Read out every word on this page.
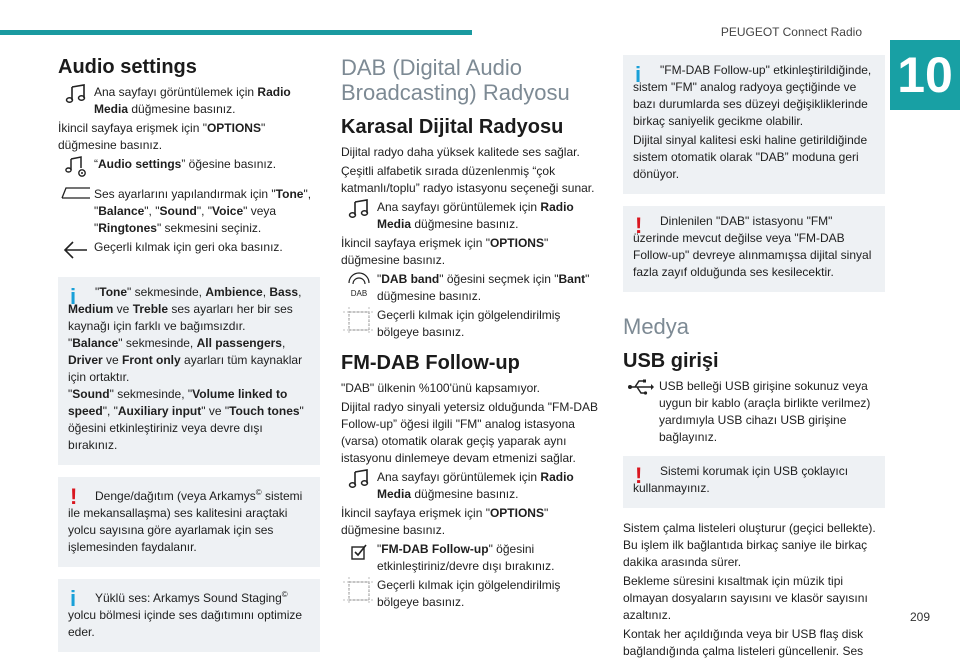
PEUGEOT Connect Radio
10
209
Audio settings
Ana sayfayı görüntülemek için Radio Media düğmesine basınız.

İkincil sayfaya erişmek için "OPTIONS" düğmesine basınız.

“Audio settings” öğesine basınız.
Ses ayarlarını yapılandırmak için "Tone", "Balance", "Sound", "Voice" veya "Ringtones" sekmesini seçiniz.
Geçerli kılmak için geri oka basınız.
i	"Tone" sekmesinde, Ambience, Bass, Medium ve Treble ses ayarları her bir ses kaynağı için farklı ve bağımsızdır.
"Balance" sekmesinde, All passengers, Driver ve Front only ayarları tüm kaynaklar için ortaktır.
"Sound" sekmesinde, "Volume linked to speed", "Auxiliary input" ve "Touch tones" öğesini etkinleştiriniz veya devre dışı bırakınız.

!	Denge/dağıtım (veya Arkamys© sistemi ile mekansallaşma) ses kalitesini araçtaki yolcu sayısına göre ayarlamak için ses işlemesinden faydalanır.

i	Yüklü ses: Arkamys Sound Staging© yolcu bölmesi içinde ses dağıtımını optimize eder.

DAB (Digital Audio Broadcasting) Radyosu
Karasal Dijital Radyosu

Dijital radyo daha yüksek kalitede ses sağlar.

Çeşitli alfabetik sırada düzenlenmiş “çok katmanlı/toplu” radyo istasyonu seçeneği sunar.

Ana sayfayı görüntülemek için Radio Media düğmesine basınız.

İkincil sayfaya erişmek için "OPTIONS" düğmesine basınız.

DAB
"DAB band" öğesini seçmek için "Bant" düğmesine basınız.
Geçerli kılmak için gölgelendirilmiş bölgeye basınız.
FM-DAB Follow-up

"DAB" ülkenin %100'ünü kapsamıyor.

Dijital radyo sinyali yetersiz olduğunda "FM-DAB Follow-up” öğesi ilgili "FM" analog istasyona (varsa) otomatik olarak geçiş yaparak aynı istasyonu dinlemeye devam etmenizi sağlar.

Ana sayfayı görüntülemek için Radio Media düğmesine basınız.

İkincil sayfaya erişmek için "OPTIONS" düğmesine basınız.

"FM-DAB Follow-up" öğesini etkinleştiriniz/devre dışı bırakınız.
Geçerli kılmak için gölgelendirilmiş bölgeye basınız.
i	"FM-DAB Follow-up" etkinleştirildiğinde, sistem "FM" analog radyoya geçtiğinde ve bazı durumlarda ses düzeyi değişikliklerinde birkaç saniyelik gecikme olabilir.

Dijital sinyal kalitesi eski haline getirildiğinde sistem otomatik olarak "DAB” moduna geri dönüyor.

!	Dinlenilen "DAB" istasyonu "FM" üzerinde mevcut değilse veya "FM-DAB Follow-up" devreye alınmamışsa dijital sinyal fazla zayıf olduğunda ses kesilecektir.

Medya
USB girişi
USB belleği USB girişine sokunuz veya uygun bir kablo (araçla birlikte verilmez) yardımıyla USB cihazı USB girişine bağlayınız.
!	Sistemi korumak için USB çoklayıcı kullanmayınız.

Sistem çalma listeleri oluşturur (geçici bellekte). Bu işlem ilk bağlantıda birkaç saniye ile birkaç dakika arasında sürer.

Bekleme süresini kısaltmak için müzik tipi olmayan dosyaların sayısını ve klasör sayısını azaltınız.

Kontak her açıldığında veya bir USB flaş disk bağlandığında çalma listeleri güncellenir. Ses
